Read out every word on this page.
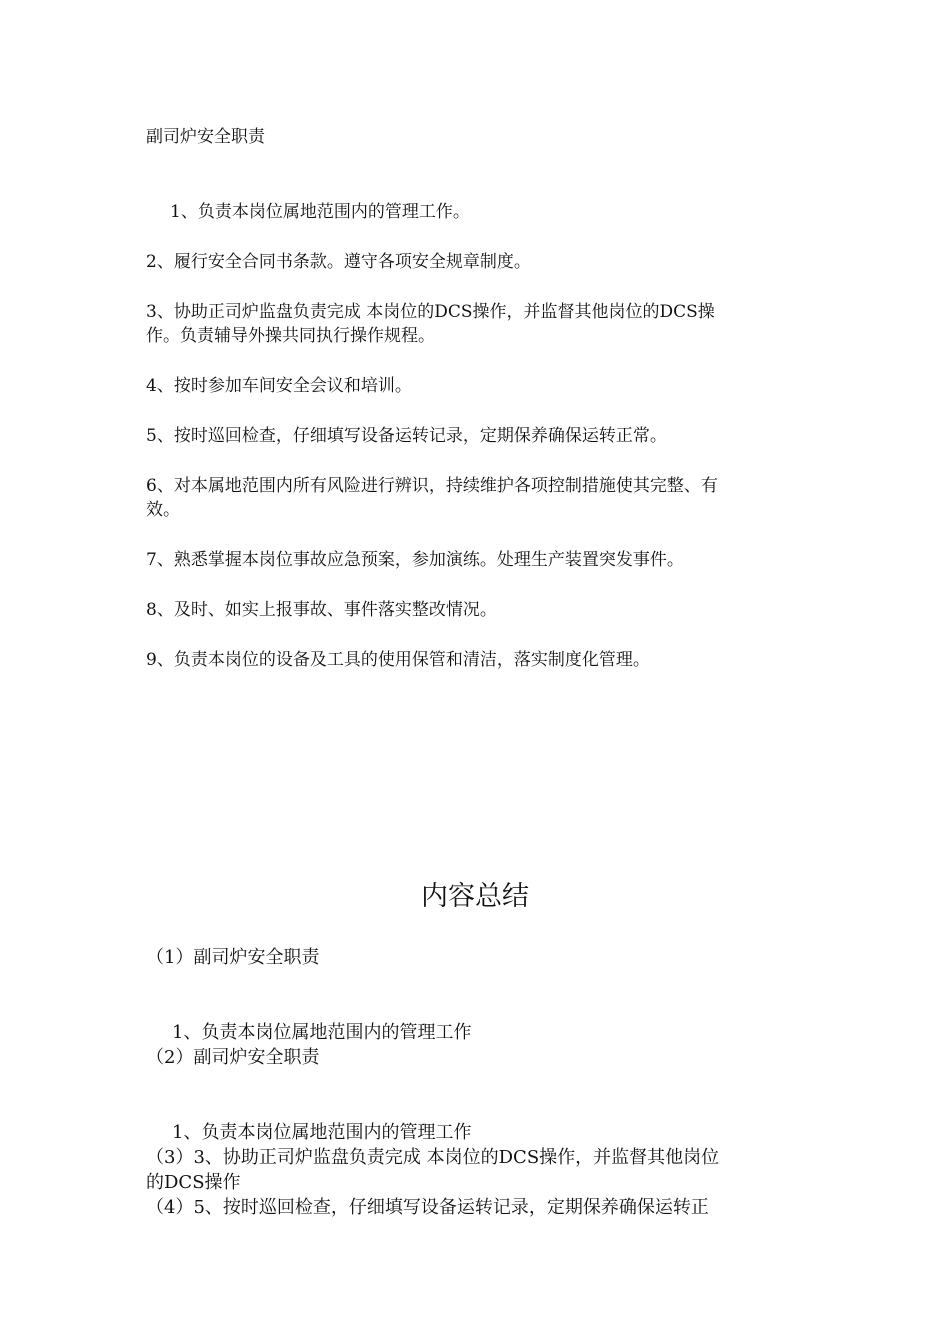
副司炉安全职责
1、负责本岗位属地范围内的管理工作。
2、履行安全合同书条款。遵守各项安全规章制度。
3、协助正司炉监盘负责完成 本岗位的DCS操作，并监督其他岗位的DCS操
作。负责辅导外操共同执行操作规程。
4、按时参加车间安全会议和培训。
5、按时巡回检查，仔细填写设备运转记录，定期保养确保运转正常。
6、对本属地范围内所有风险进行辨识，持续维护各项控制措施使其完整、有
效。
7、熟悉掌握本岗位事故应急预案，参加演练。处理生产装置突发事件。
8、及时、如实上报事故、事件落实整改情况。
9、负责本岗位的设备及工具的使用保管和清洁，落实制度化管理。
内容总结
（1）副司炉安全职责
1、负责本岗位属地范围内的管理工作
（2）副司炉安全职责
1、负责本岗位属地范围内的管理工作
（3）3、协助正司炉监盘负责完成 本岗位的DCS操作，并监督其他岗位
的DCS操作
（4）5、按时巡回检查，仔细填写设备运转记录，定期保养确保运转正
